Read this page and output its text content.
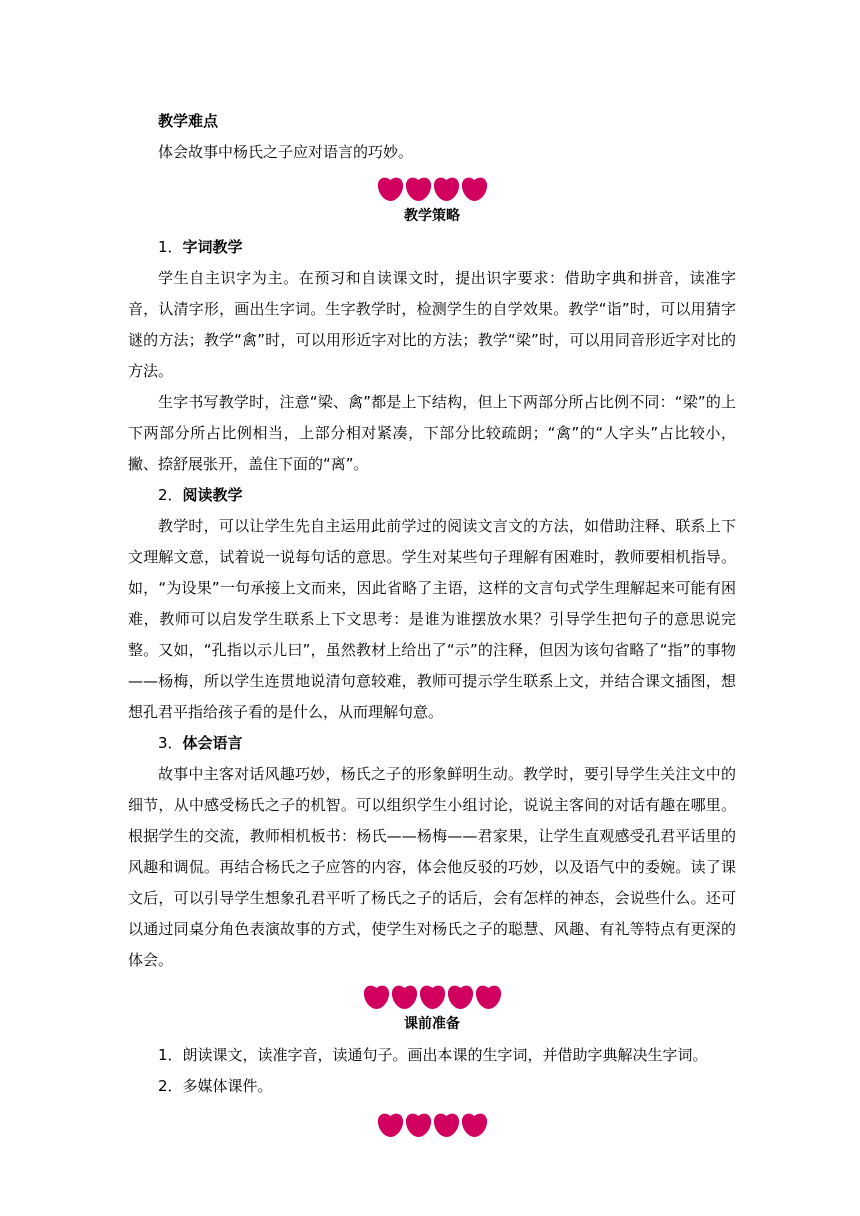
教学难点

体会故事中杨氏之子应对语言的巧妙。

教学策略

1．字词教学

学生自主识字为主。在预习和自读课文时，提出识字要求：借助字典和拼音，读准字音，认清字形，画出生字词。生字教学时，检测学生的自学效果。教学“诣”时，可以用猜字谜的方法；教学“禽”时，可以用形近字对比的方法；教学“梁”时，可以用同音形近字对比的方法。

生字书写教学时，注意“梁、禽”都是上下结构，但上下两部分所占比例不同：“梁”的上下两部分所占比例相当，上部分相对紧凑，下部分比较疏朗；“禽”的“人字头”占比较小，撇、捺舒展张开，盖住下面的“离”。

2．阅读教学

教学时，可以让学生先自主运用此前学过的阅读文言文的方法，如借助注释、联系上下文理解文意，试着说一说每句话的意思。学生对某些句子理解有困难时，教师要相机指导。如，“为设果”一句承接上文而来，因此省略了主语，这样的文言句式学生理解起来可能有困难，教师可以启发学生联系上下文思考：是谁为谁摆放水果？引导学生把句子的意思说完整。又如，“孔指以示儿曰”，虽然教材上给出了“示”的注释，但因为该句省略了“指”的事物——杨梅，所以学生连贯地说清句意较难，教师可提示学生联系上文，并结合课文插图，想想孔君平指给孩子看的是什么，从而理解句意。

3．体会语言

故事中主客对话风趣巧妙，杨氏之子的形象鲜明生动。教学时，要引导学生关注文中的细节，从中感受杨氏之子的机智。可以组织学生小组讨论，说说主客间的对话有趣在哪里。根据学生的交流，教师相机板书：杨氏——杨梅——君家果，让学生直观感受孔君平话里的风趣和调侃。再结合杨氏之子应答的内容，体会他反驳的巧妙，以及语气中的委婉。读了课文后，可以引导学生想象孔君平听了杨氏之子的话后，会有怎样的神态，会说些什么。还可以通过同桌分角色表演故事的方式，使学生对杨氏之子的聪慧、风趣、有礼等特点有更深的体会。

课前准备

1．朗读课文，读准字音，读通句子。画出本课的生字词，并借助字典解决生字词。

2．多媒体课件。
